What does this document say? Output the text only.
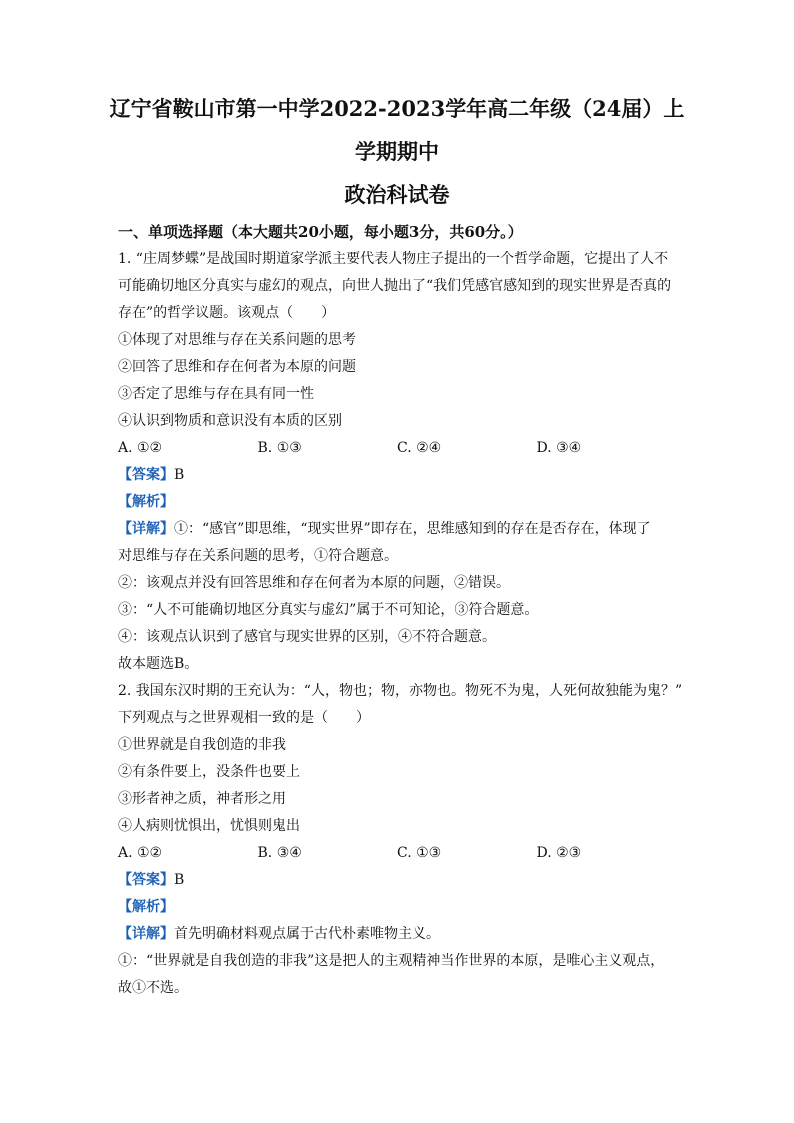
辽宁省鞍山市第一中学2022-2023学年高二年级（24届）上
学期期中
政治科试卷
一、单项选择题（本大题共20小题，每小题3分，共60分。）
1. “庄周梦蝶”是战国时期道家学派主要代表人物庄子提出的一个哲学命题，它提出了人不
可能确切地区分真实与虚幻的观点，向世人抛出了“我们凭感官感知到的现实世界是否真的
存在”的哲学议题。该观点（　　）
①体现了对思维与存在关系问题的思考
②回答了思维和存在何者为本原的问题
③否定了思维与存在具有同一性
④认识到物质和意识没有本质的区别
A. ①②	B. ①③	C. ②④	D. ③④
【答案】B
【解析】
【详解】①：“感官”即思维，“现实世界”即存在，思维感知到的存在是否存在，体现了
对思维与存在关系问题的思考，①符合题意。
②：该观点并没有回答思维和存在何者为本原的问题，②错误。
③：“人不可能确切地区分真实与虚幻”属于不可知论，③符合题意。
④：该观点认识到了感官与现实世界的区别，④不符合题意。
故本题选B。
2. 我国东汉时期的王充认为：“人，物也；物，亦物也。物死不为鬼，人死何故独能为鬼？”
下列观点与之世界观相一致的是（　　）
①世界就是自我创造的非我
②有条件要上，没条件也要上
③形者神之质，神者形之用
④人病则忧惧出，忧惧则鬼出
A. ①②	B. ③④	C. ①③	D. ②③
【答案】B
【解析】
【详解】首先明确材料观点属于古代朴素唯物主义。
①：“世界就是自我创造的非我”这是把人的主观精神当作世界的本原，是唯心主义观点，
故①不选。
